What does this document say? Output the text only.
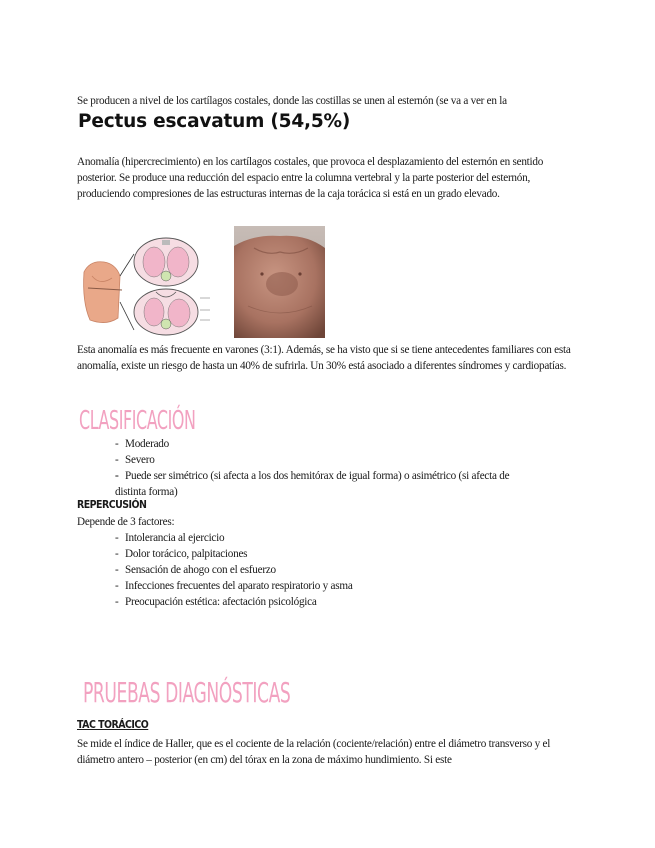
Se producen a nivel de los cartílagos costales, donde las costillas se unen al esternón (se va a ver en la
Pectus escavatum (54,5%)
Anomalía (hipercrecimiento) en los cartílagos costales, que provoca el desplazamiento del esternón en sentido posterior. Se produce una reducción del espacio entre la columna vertebral y la parte posterior del esternón, produciendo compresiones de las estructuras internas de la caja torácica si está en un grado elevado.
Esta anomalía es más frecuente en varones (3:1). Además, se ha visto que si se tiene antecedentes familiares con esta anomalía, existe un riesgo de hasta un 40% de sufrirla. Un 30% está asociado a diferentes síndromes y cardiopatías.
CLASIFICACIÓN
- Moderado
- Severo
- - Puede ser simétrico (si afecta a los dos hemitórax de igual forma) o asimétrico (si afecta de distinta forma)
REPERCUSIÓN
Depende de 3 factores:
- Intolerancia al ejercicio
- Dolor torácico, palpitaciones
- Sensación de ahogo con el esfuerzo
- Infecciones frecuentes del aparato respiratorio y asma
- Preocupación estética: afectación psicológica
PRUEBAS DIAGNÓSTICAS
TAC TORÁCICO
Se mide el índice de Haller, que es el cociente de la relación (cociente/relación) entre el diámetro transverso y el diámetro antero – posterior (en cm) del tórax en la zona de máximo hundimiento. Si este
